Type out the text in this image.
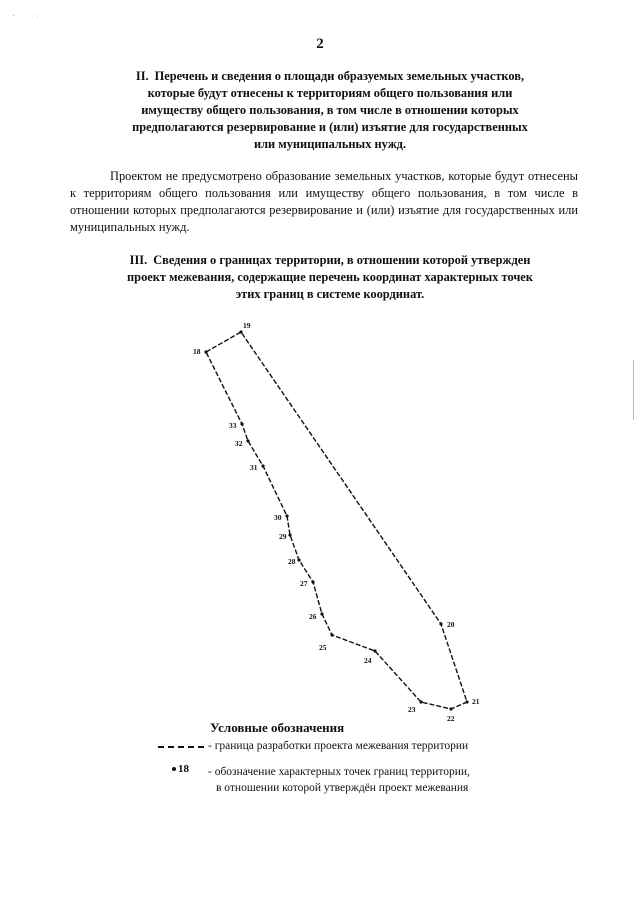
´	·
2
II. Перечень и сведения о площади образуемых земельных участков,
которые будут отнесены к территориям общего пользования или
имуществу общего пользования, в том числе в отношении которых
предполагаются резервирование и (или) изъятие для государственных
или муниципальных нужд.
Проектом не предусмотрено образование земельных участков, которые будут отнесены к территориям общего пользования или имуществу общего пользования, в том числе в отношении которых предполагаются резервирование и (или) изъятие для государственных или муниципальных нужд.
III. Сведения о границах территории, в отношении которой утвержден
проект межевания, содержащие перечень координат характерных точек
этих границ в системе координат.
18
19
20
21
22
23
24
25
26
27
28
29
30
31
32
33
Условные обозначения
- граница разработки проекта межевания территории
18 - обозначение характерных точек границ территории,
в отношении которой утверждён проект межевания
